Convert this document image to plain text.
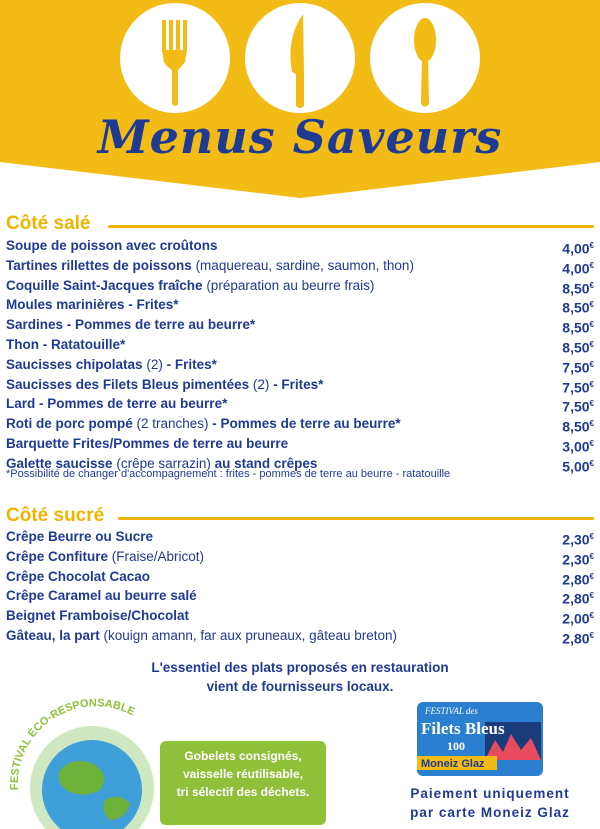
Menus Saveurs
Côté salé
Soupe de poisson avec croûtons	4,00€
Tartines rillettes de poissons (maquereau, sardine, saumon, thon)	4,00€
Coquille Saint-Jacques fraîche (préparation au beurre frais)	8,50€
Moules marinières - Frites*	8,50€
Sardines - Pommes de terre au beurre*	8,50€
Thon - Ratatouille*	8,50€
Saucisses chipolatas (2) - Frites*	7,50€
Saucisses des Filets Bleus pimentées (2) - Frites*	7,50€
Lard - Pommes de terre au beurre*	7,50€
Roti de porc pompé (2 tranches) - Pommes de terre au beurre*	8,50€
Barquette Frites/Pommes de terre au beurre	3,00€
Galette saucisse (crêpe sarrazin) au stand crêpes	5,00€
*Possibilité de changer d'accompagnement : frites - pommes de terre au beurre - ratatouille
Côté sucré
Crêpe Beurre ou Sucre	2,30€
Crêpe Confiture (Fraise/Abricot)	2,30€
Crêpe Chocolat Cacao	2,80€
Crêpe Caramel au beurre salé	2,80€
Beignet Framboise/Chocolat	2,00€
Gâteau, la part (kouign amann, far aux pruneaux, gâteau breton)	2,80€
L'essentiel des plats proposés en restauration
vient de fournisseurs locaux.
FESTIVAL ÉCO-RESPONSABLE
Gobelets consignés,
vaisselle réutilisable,
tri sélectif des déchets.
FESTIVAL des
Filets Bleus
100
Moneiz Glaz
Paiement uniquement
par carte Moneiz Glaz
